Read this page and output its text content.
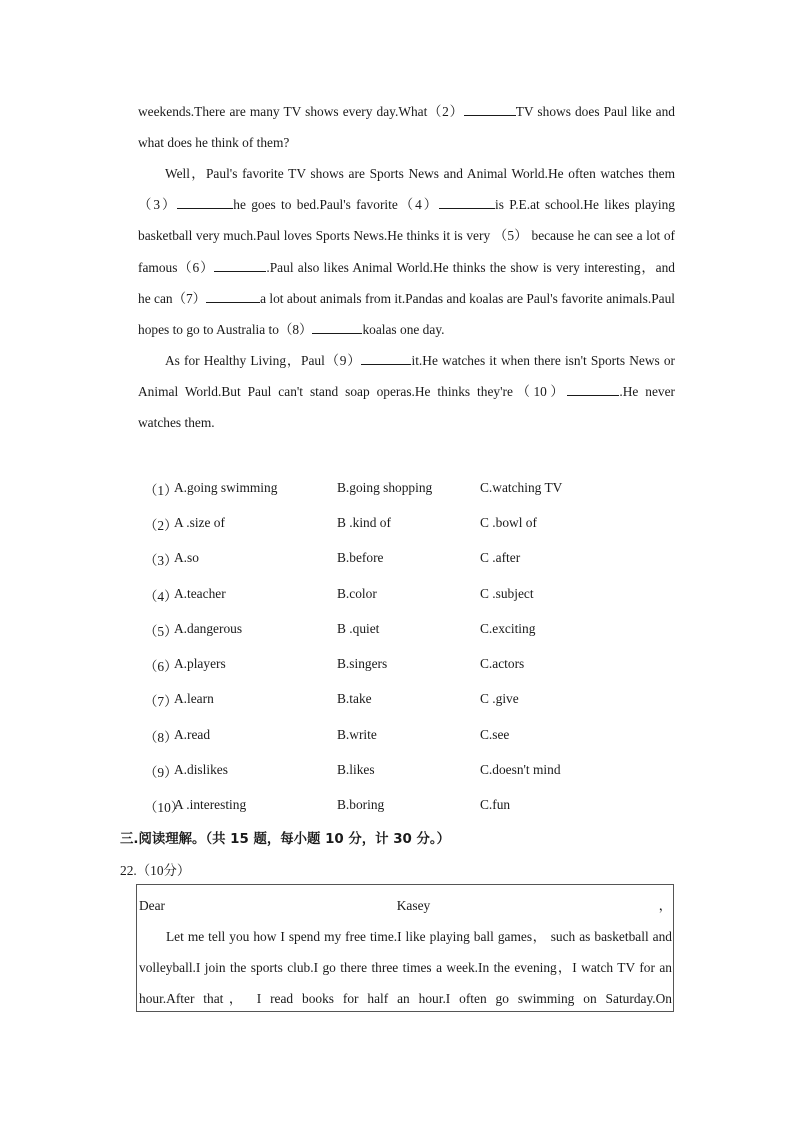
weekends.There are many TV shows every day.What（2）	TV shows does Paul like and what does he think of them?

Well，Paul's favorite TV shows are Sports News and Animal World.He often watches them（3）	he goes to bed.Paul's favorite（4）	is P.E.at school.He likes playing basketball very much.Paul loves Sports News.He thinks it is very （5） because he can see a lot of famous（6）	.Paul also likes Animal World.He thinks the show is very interesting，and he can（7）	a lot about animals from it.Pandas and koalas are Paul's favorite animals.Paul hopes to go to Australia to（8）	koalas one day.

As for Healthy Living，Paul（9）	it.He watches it when there isn't Sports News or Animal World.But Paul can't stand soap operas.He thinks they're（10）	.He never watches them.

（1）
A.going swimming	B.going shopping	C.watching TV
（2）
A .size of	B .kind of	C .bowl of
（3）
A.so	B.before	C .after
（4）
A.teacher	B.color	C .subject
（5）
A.dangerous	B .quiet	C.exciting
（6）
A.players	B.singers	C.actors
（7）
A.learn	B.take	C .give
（8）
A.read	B.write	C.see
（9）
A.dislikes	B.likes	C.doesn't mind
（10）
A .interesting	B.boring	C.fun
三.阅读理解。（共 15 题，每小题 10 分，计 30 分。）
22.（10分）

Dear Kasey，
Let me tell you how I spend my free time.I like playing ball games， such as basketball and volleyball.I join the sports club.I go there three times a week.In the evening，I watch TV for an hour.After that， I read books for half an hour.I often go swimming on Saturday.On
